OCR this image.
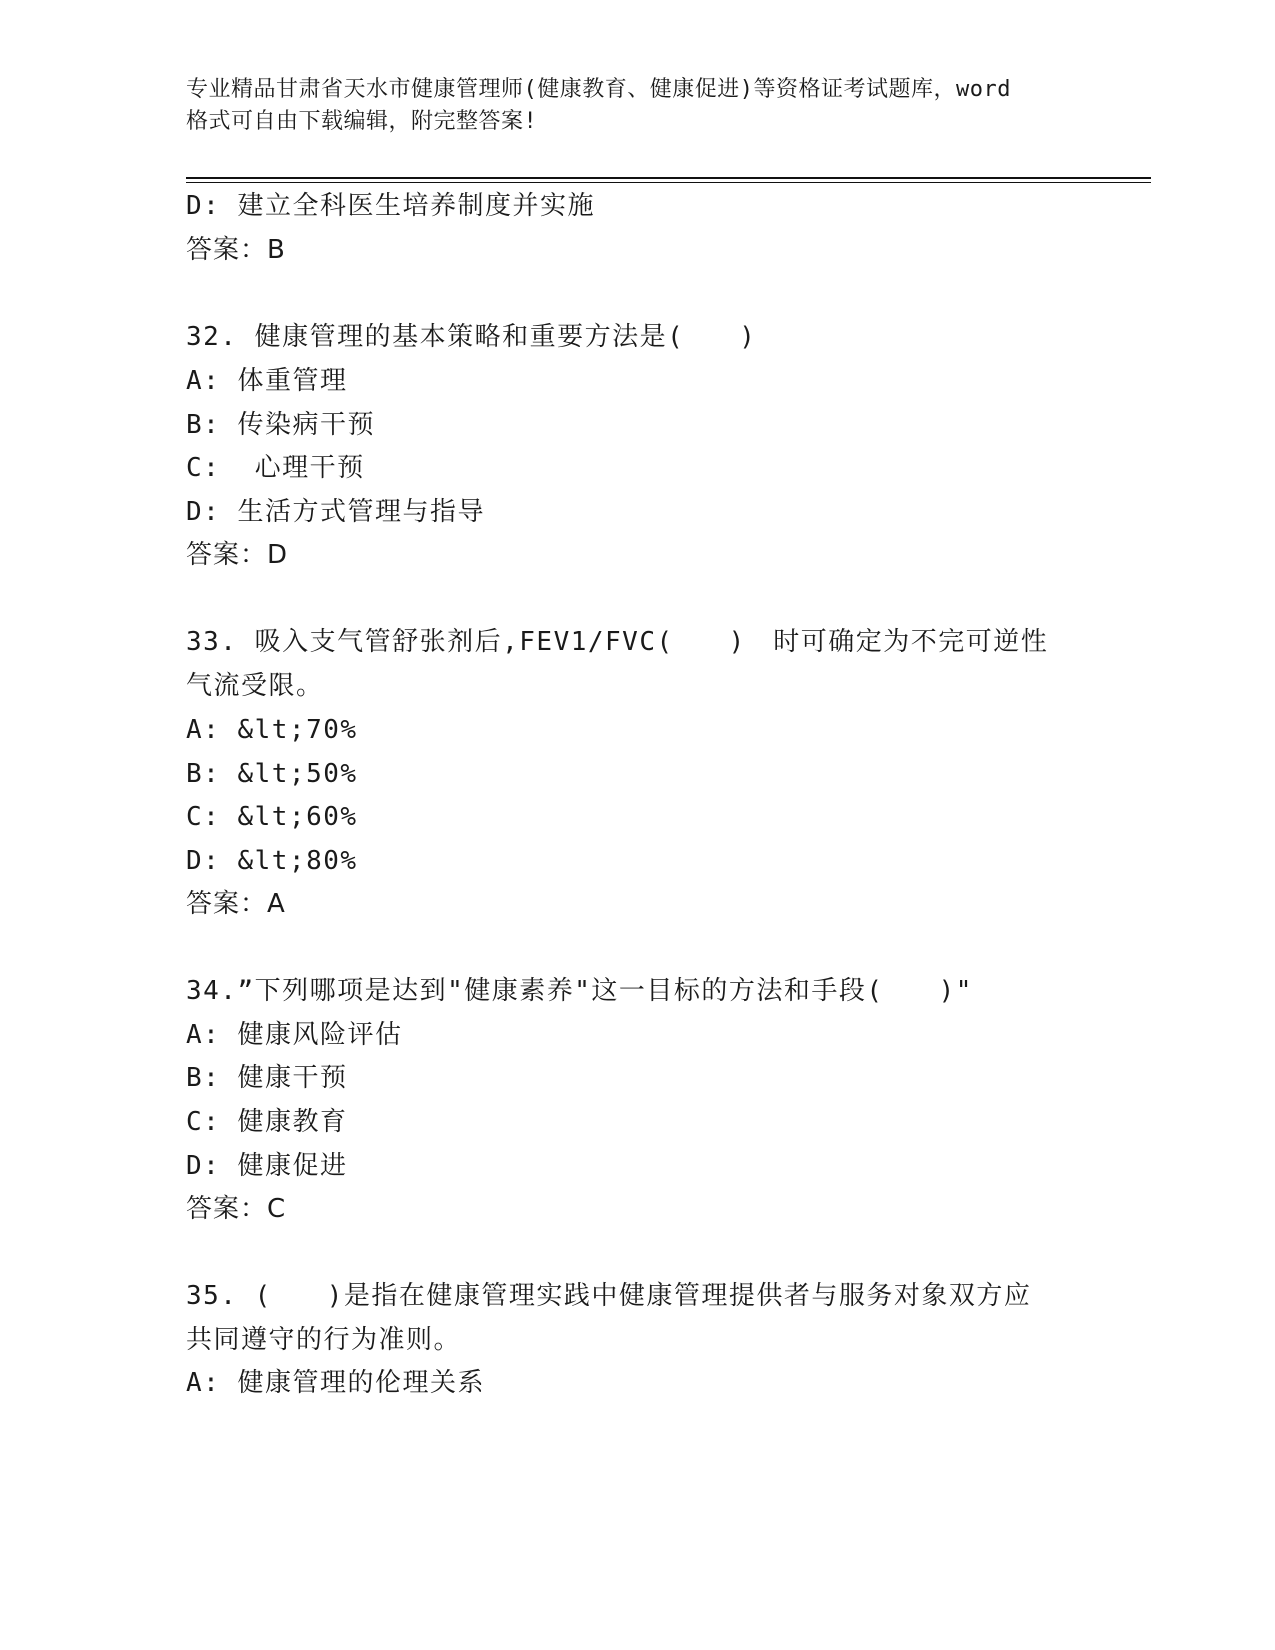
专业精品甘肃省天水市健康管理师(健康教育、健康促进)等资格证考试题库，word
格式可自由下载编辑，附完整答案!
D: 建立全科医生培养制度并实施
答案：B
32. 健康管理的基本策略和重要方法是(　　)
A: 体重管理
B: 传染病干预
C:  心理干预
D: 生活方式管理与指导
答案：D
33. 吸入支气管舒张剂后,FEV1/FVC(　　)　时可确定为不完可逆性
气流受限。
A: &lt;70%
B: &lt;50%
C: &lt;60%
D: &lt;80%
答案：A
34.”下列哪项是达到"健康素养"这一目标的方法和手段(　　)"
A: 健康风险评估
B: 健康干预
C: 健康教育
D: 健康促进
答案：C
35. (　　)是指在健康管理实践中健康管理提供者与服务对象双方应
共同遵守的行为准则。
A: 健康管理的伦理关系
